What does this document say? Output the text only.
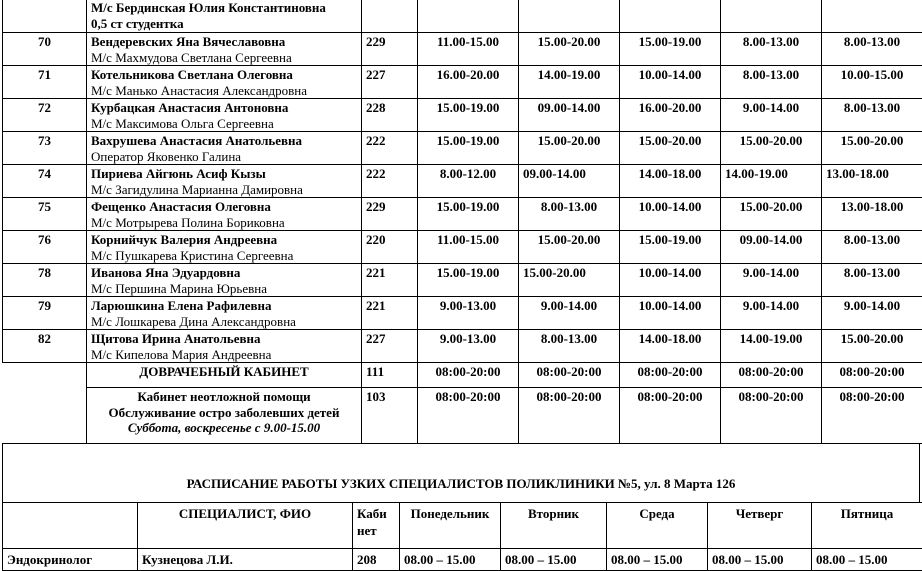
	М/с Бердинская Юлия Константиновна
0,5 ст студентка						

70	Вендеревских Яна Вячеславовна
М/с Махмудова Светлана Сергеевна	229	11.00-15.00	15.00-20.00	15.00-19.00	8.00-13.00	8.00-13.00
71	Котельникова Светлана Олеговна
М/с Манько Анастасия Александровна	227	16.00-20.00	14.00-19.00	10.00-14.00	8.00-13.00	10.00-15.00
72	Курбацкая Анастасия Антоновна
М/с Максимова Ольга Сергеевна	228	15.00-19.00	09.00-14.00	16.00-20.00	9.00-14.00	8.00-13.00
73	Вахрушева Анастасия Анатольевна
Оператор Яковенко Галина	222	15.00-19.00	15.00-20.00	15.00-20.00	15.00-20.00	15.00-20.00
74	Пириева Айгюнь Асиф Кызы
М/с Загидулина Марианна Дамировна	222	8.00-12.00	09.00-14.00	14.00-18.00	14.00-19.00	13.00-18.00
75	Фещенко Анастасия Олеговна
М/с Мотрырева Полина Бориковна	229	15.00-19.00	8.00-13.00	10.00-14.00	15.00-20.00	13.00-18.00
76	Корнийчук Валерия Андреевна
М/с Пушкарева Кристина Сергеевна	220	11.00-15.00	15.00-20.00	15.00-19.00	09.00-14.00	8.00-13.00
78	Иванова Яна Эдуардовна
М/с Першина Марина Юрьевна	221	15.00-19.00	15.00-20.00	10.00-14.00	9.00-14.00	8.00-13.00
79	Ларюшкина Елена Рафилевна
М/с Лошкарева Дина Александровна	221	9.00-13.00	9.00-14.00	10.00-14.00	9.00-14.00	9.00-14.00
82	Щитова Ирина Анатольевна
М/с Кипелова Мария Андреевна	227	9.00-13.00	8.00-13.00	14.00-18.00	14.00-19.00	15.00-20.00

	ДОВРАЧЕБНЫЙ КАБИНЕТ	111	08:00-20:00	08:00-20:00	08:00-20:00	08:00-20:00	08:00-20:00

	Кабинет неотложной помощи
Обслуживание остро заболевших детей
Суббота, воскресенье с 9.00-15.00	103	08:00-20:00	08:00-20:00	08:00-20:00	08:00-20:00	08:00-20:00
РАСПИСАНИЕ РАБОТЫ УЗКИХ СПЕЦИАЛИСТОВ ПОЛИКЛИНИКИ №5, ул. 8 Марта 126
	СПЕЦИАЛИСТ, ФИО	Каби
нет	Понедельник	Вторник	Среда	Четверг	Пятница
Эндокринолог	Кузнецова Л.И.	208	08.00 – 15.00	08.00 – 15.00	08.00 – 15.00	08.00 – 15.00	08.00 – 15.00
